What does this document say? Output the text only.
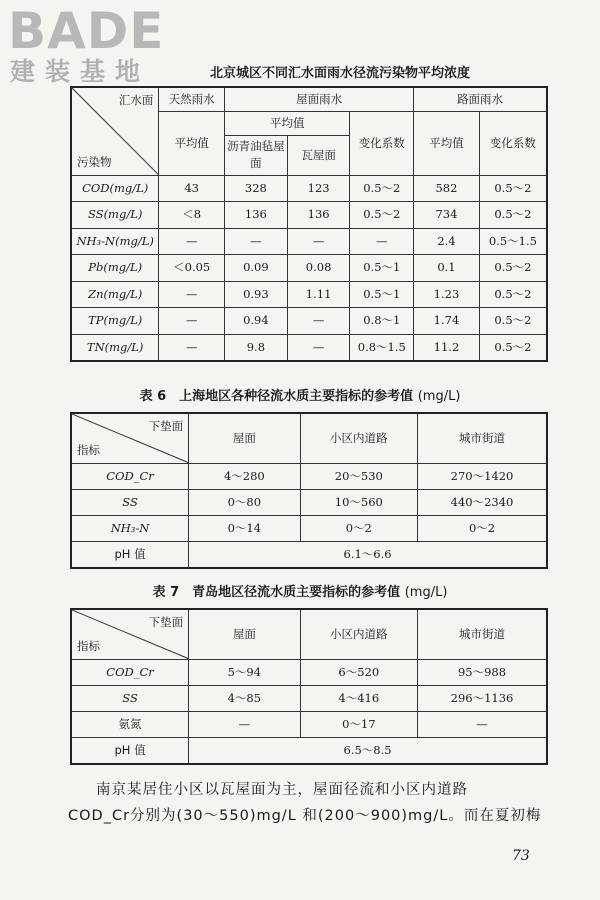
BADE
建装基地	北京城区不同汇水面雨水径流污染物平均浓度
汇水面
污染物	天然雨水	屋面雨水			路面雨水	
	平均值	平均值		变化系数	平均值	变化系数
		沥青油毡屋面	瓦屋面			
COD(mg/L)	43	328	123	0.5～2	582	0.5～2
SS(mg/L)	＜8	136	136	0.5～2	734	0.5～2
NH₃-N(mg/L)	—	—	—	—	2.4	0.5～1.5
Pb(mg/L)	＜0.05	0.09	0.08	0.5～1	0.1	0.5～2
Zn(mg/L)	—	0.93	1.11	0.5～1	1.23	0.5～2
TP(mg/L)	—	0.94	—	0.8～1	1.74	0.5～2
TN(mg/L)	—	9.8	—	0.8～1.5	11.2	0.5～2
表 6　上海地区各种径流水质主要指标的参考值 (mg/L)
下垫面
指标	屋面	小区内道路	城市街道
COD_Cr	4～280	20～530	270～1420
SS	0～80	10～560	440～2340
NH₃-N	0～14	0～2	0～2
pH 值	6.1～6.6		
表 7　青岛地区径流水质主要指标的参考值 (mg/L)
下垫面
指标	屋面	小区内道路	城市街道
COD_Cr	5～94	6～520	95～988
SS	4～85	4～416	296～1136
氨氮	—	0～17	—
pH 值	6.5～8.5		
南京某居住小区以瓦屋面为主，屋面径流和小区内道路
COD_Cr分别为(30～550)mg/L 和(200～900)mg/L。而在夏初梅
73
